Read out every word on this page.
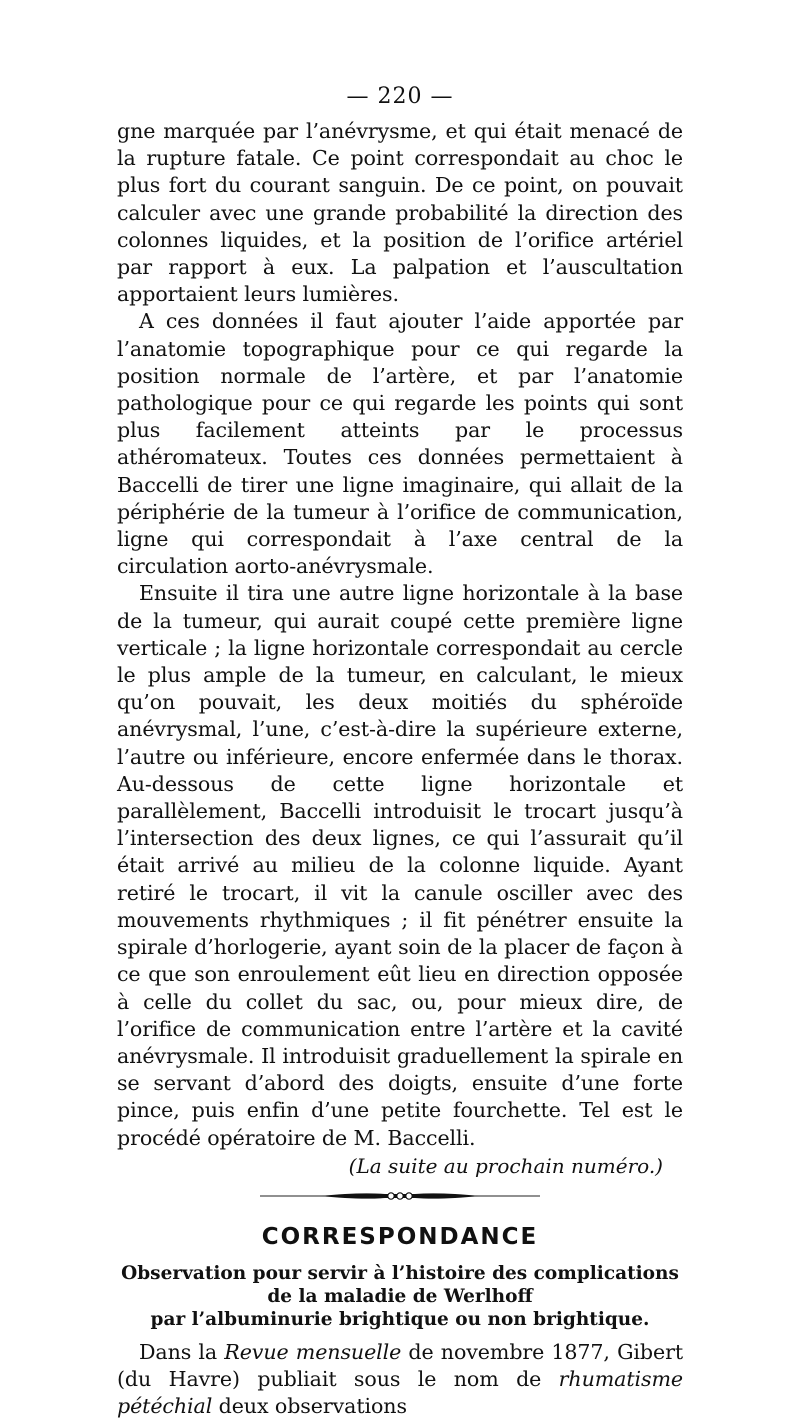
— 220 —

gne marquée par l’anévrysme, et qui était menacé de la rupture fatale. Ce point correspondait au choc le plus fort du courant sanguin. De ce point, on pouvait calculer avec une grande probabilité la direction des colonnes liquides, et la position de l’orifice artériel par rapport à eux. La palpation et l’auscultation apportaient leurs lumières.

A ces données il faut ajouter l’aide apportée par l’anatomie topographique pour ce qui regarde la position normale de l’artère, et par l’anatomie pathologique pour ce qui regarde les points qui sont plus facilement atteints par le processus athéromateux. Toutes ces données permettaient à Baccelli de tirer une ligne imaginaire, qui allait de la périphérie de la tumeur à l’orifice de communication, ligne qui correspondait à l’axe central de la circulation aorto-anévrysmale.

Ensuite il tira une autre ligne horizontale à la base de la tumeur, qui aurait coupé cette première ligne verticale ; la ligne horizontale correspondait au cercle le plus ample de la tumeur, en calculant, le mieux qu’on pouvait, les deux moitiés du sphéroïde anévrysmal, l’une, c’est-à-dire la supérieure externe, l’autre ou inférieure, encore enfermée dans le thorax. Au-dessous de cette ligne horizontale et parallèlement, Baccelli introduisit le trocart jusqu’à l’intersection des deux lignes, ce qui l’assurait qu’il était arrivé au milieu de la colonne liquide. Ayant retiré le trocart, il vit la canule osciller avec des mouvements rhythmiques ; il fit pénétrer ensuite la spirale d’horlogerie, ayant soin de la placer de façon à ce que son enroulement eût lieu en direction opposée à celle du collet du sac, ou, pour mieux dire, de l’orifice de communication entre l’artère et la cavité anévrysmale. Il introduisit graduellement la spirale en se servant d’abord des doigts, ensuite d’une forte pince, puis enfin d’une petite fourchette. Tel est le procédé opératoire de M. Baccelli.

(La suite au prochain numéro.)

CORRESPONDANCE
Observation pour servir à l’histoire des complications
de la maladie de Werlhoff
par l’albuminurie brightique ou non brightique.

Dans la Revue mensuelle de novembre 1877, Gibert (du Havre) publiait sous le nom de rhumatisme pétéchial deux observations
